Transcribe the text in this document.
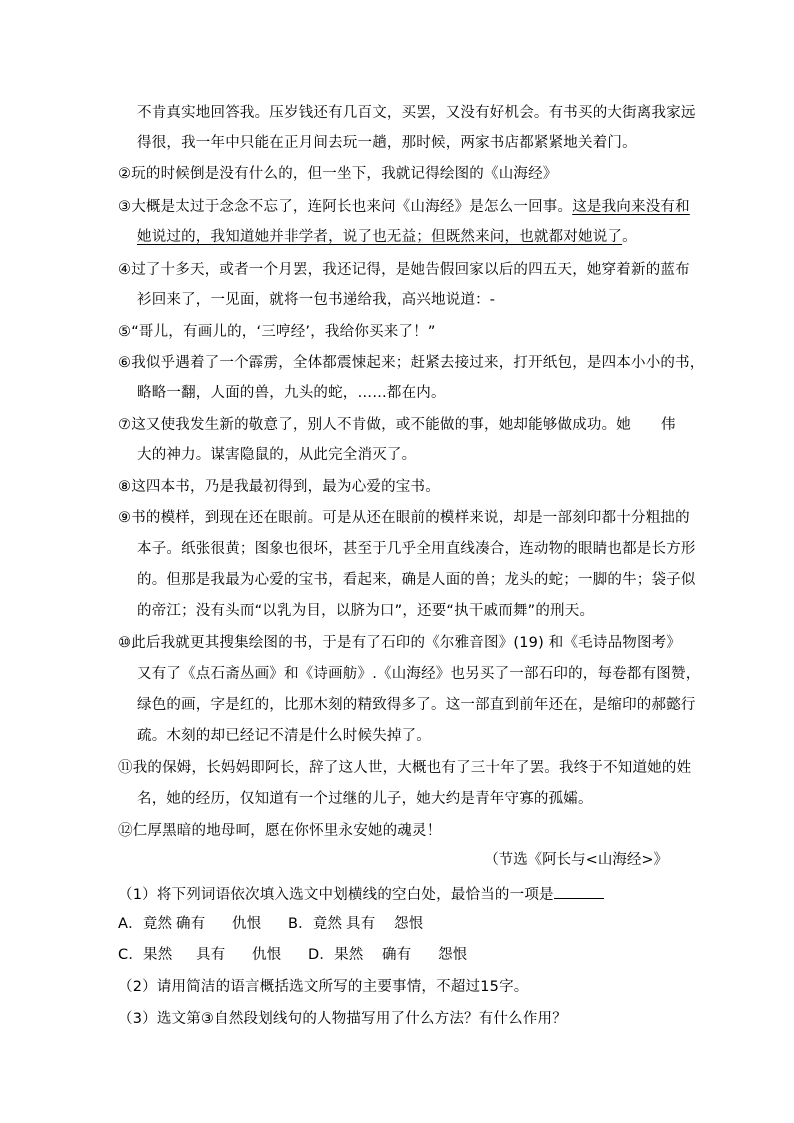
不肯真实地回答我。压岁钱还有几百文，买罢，又没有好机会。有书买的大街离我家远
得很，我一年中只能在正月间去玩一趟，那时候，两家书店都紧紧地关着门。
②玩的时候倒是没有什么的，但一坐下，我就记得绘图的《山海经》
③大概是太过于念念不忘了，连阿长也来问《山海经》是怎么一回事。这是我向来没有和
她说过的，我知道她并非学者，说了也无益；但既然来问，也就都对她说了。
④过了十多天，或者一个月罢，我还记得，是她告假回家以后的四五天，她穿着新的蓝布
衫回来了，一见面，就将一包书递给我，高兴地说道：-
⑤“哥儿，有画儿的，‘三哼经’，我给你买来了！”
⑥我似乎遇着了一个霹雳，全体都震悚起来；赶紧去接过来，打开纸包，是四本小小的书，
略略一翻，人面的兽，九头的蛇，……都在内。
⑦这又使我发生新的敬意了，别人不肯做，或不能做的事，她却能够做成功。她 伟
大的神力。谋害隐鼠的，从此完全消灭了。
⑧这四本书，乃是我最初得到，最为心爱的宝书。
⑨书的模样，到现在还在眼前。可是从还在眼前的模样来说，却是一部刻印都十分粗拙的
本子。纸张很黄；图象也很坏，甚至于几乎全用直线凑合，连动物的眼睛也都是长方形
的。但那是我最为心爱的宝书，看起来，确是人面的兽；龙头的蛇；一脚的牛；袋子似
的帝江；没有头而“以乳为目，以脐为口”，还要“执干戚而舞”的刑天。
⑩此后我就更其搜集绘图的书，于是有了石印的《尔雅音图》(19) 和《毛诗品物图考》
又有了《点石斋丛画》和《诗画舫》.《山海经》也另买了一部石印的，每卷都有图赞，
绿色的画，字是红的，比那木刻的精致得多了。这一部直到前年还在，是缩印的郝懿行
疏。木刻的却已经记不清是什么时候失掉了。
⑪我的保姆，长妈妈即阿长，辞了这人世，大概也有了三十年了罢。我终于不知道她的姓
名，她的经历，仅知道有一个过继的儿子，她大约是青年守寡的孤孀。
⑫仁厚黑暗的地母呵，愿在你怀里永安她的魂灵！
（节选《阿长与<山海经>》
（1）将下列词语依次填入选文中划横线的空白处，最恰当的一项是
A．竟然 确有 仇恨 B．竟然 具有 怨恨
C．果然 具有 仇恨 D．果然 确有 怨恨
（2）请用简洁的语言概括选文所写的主要事情，不超过15字。
（3）选文第③自然段划线句的人物描写用了什么方法？有什么作用？
